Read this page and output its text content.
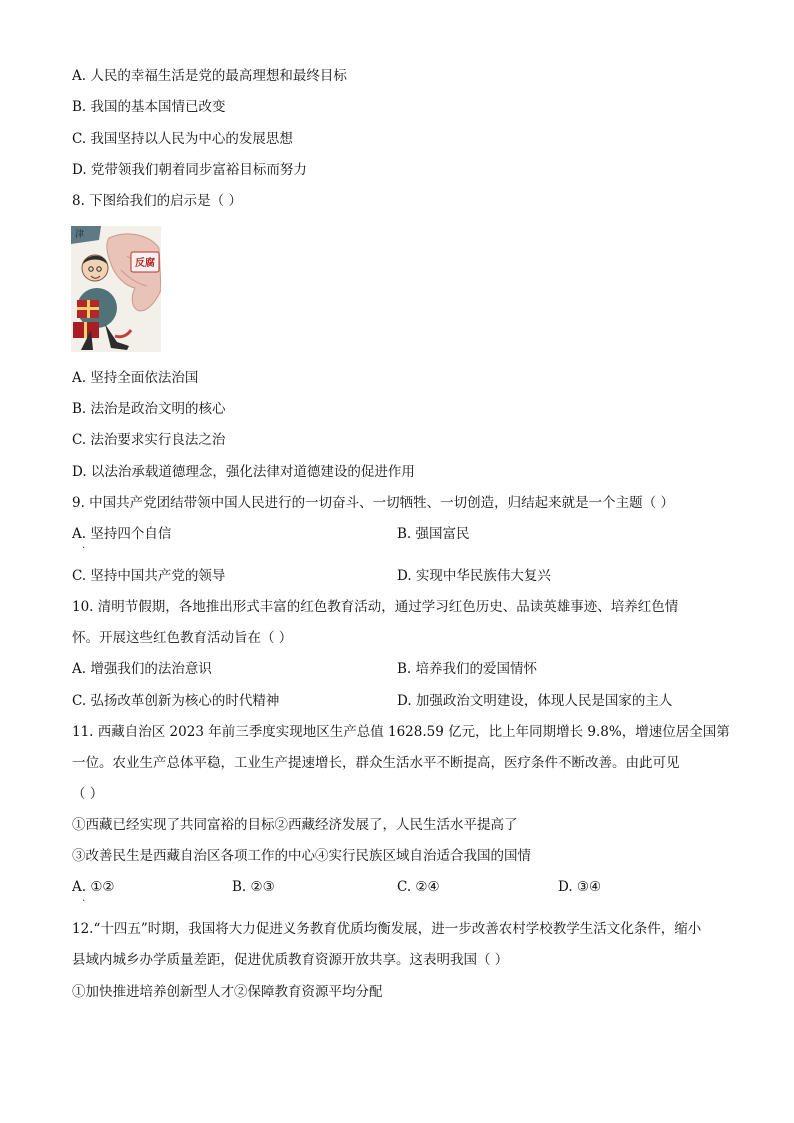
A. 人民的幸福生活是党的最高理想和最终目标
B. 我国的基本国情已改变
C. 我国坚持以人民为中心的发展思想
D. 党带领我们朝着同步富裕目标而努力
8. 下图给我们的启示是（ ）
津
反腐
A. 坚持全面依法治国
B. 法治是政治文明的核心
C. 法治要求实行良法之治
D. 以法治承载道德理念，强化法律对道德建设的促进作用
9. 中国共产党团结带领中国人民进行的一切奋斗、一切牺牲、一切创造，归结起来就是一个主题（ ）
A. 坚持四个自信	B. 强国富民
·
C. 坚持中国共产党的领导	D. 实现中华民族伟大复兴
10. 清明节假期，各地推出形式丰富的红色教育活动，通过学习红色历史、品读英雄事迹、培养红色情
怀。开展这些红色教育活动旨在（ ）
A. 增强我们的法治意识	B. 培养我们的爱国情怀
C. 弘扬改革创新为核心的时代精神	D. 加强政治文明建设，体现人民是国家的主人
11. 西藏自治区 2023 年前三季度实现地区生产总值 1628.59 亿元，比上年同期增长 9.8%，增速位居全国第
一位。农业生产总体平稳，工业生产提速增长，群众生活水平不断提高，医疗条件不断改善。由此可见
（ ）
①西藏已经实现了共同富裕的目标②西藏经济发展了，人民生活水平提高了
③改善民生是西藏自治区各项工作的中心④实行民族区域自治适合我国的国情
A. ①②	B. ②③	C. ②④	D. ③④
·
12.“十四五”时期，我国将大力促进义务教育优质均衡发展，进一步改善农村学校教学生活文化条件，缩小
县域内城乡办学质量差距，促进优质教育资源开放共享。这表明我国（ ）
①加快推进培养创新型人才②保障教育资源平均分配
